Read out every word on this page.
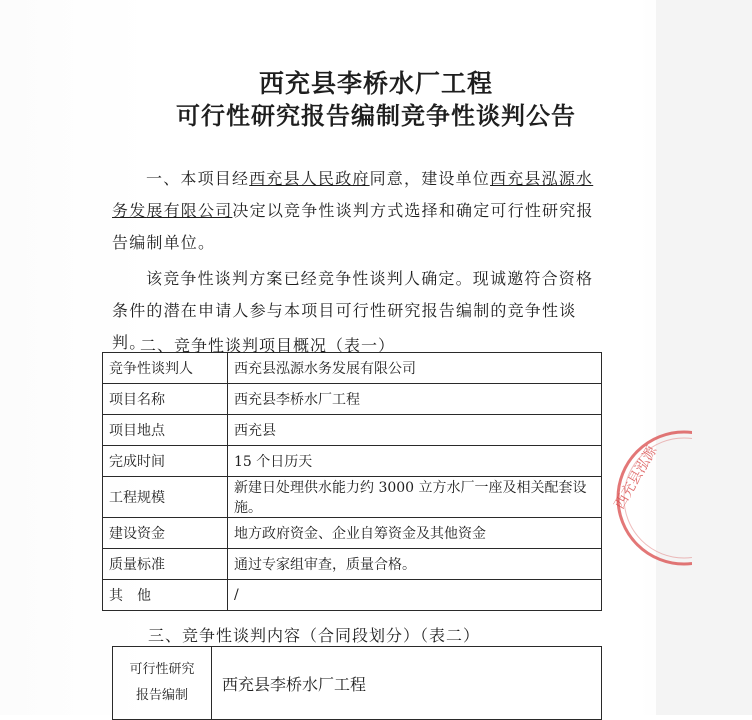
西充县李桥水厂工程
可行性研究报告编制竞争性谈判公告
一、本项目经西充县人民政府同意，建设单位西充县泓源水务发展有限公司决定以竞争性谈判方式选择和确定可行性研究报告编制单位。
该竞争性谈判方案已经竞争性谈判人确定。现诚邀符合资格条件的潜在申请人参与本项目可行性研究报告编制的竞争性谈判。
二、竞争性谈判项目概况（表一）
竞争性谈判人	西充县泓源水务发展有限公司
项目名称	西充县李桥水厂工程
项目地点	西充县
完成时间	15 个日历天
工程规模	新建日处理供水能力约 3000 立方水厂一座及相关配套设施。
建设资金	地方政府资金、企业自筹资金及其他资金
质量标准	通过专家组审查，质量合格。
其　他	/
三、竞争性谈判内容（合同段划分）（表二）
可行性研究
报告编制	西充县李桥水厂工程
西充县泓源
